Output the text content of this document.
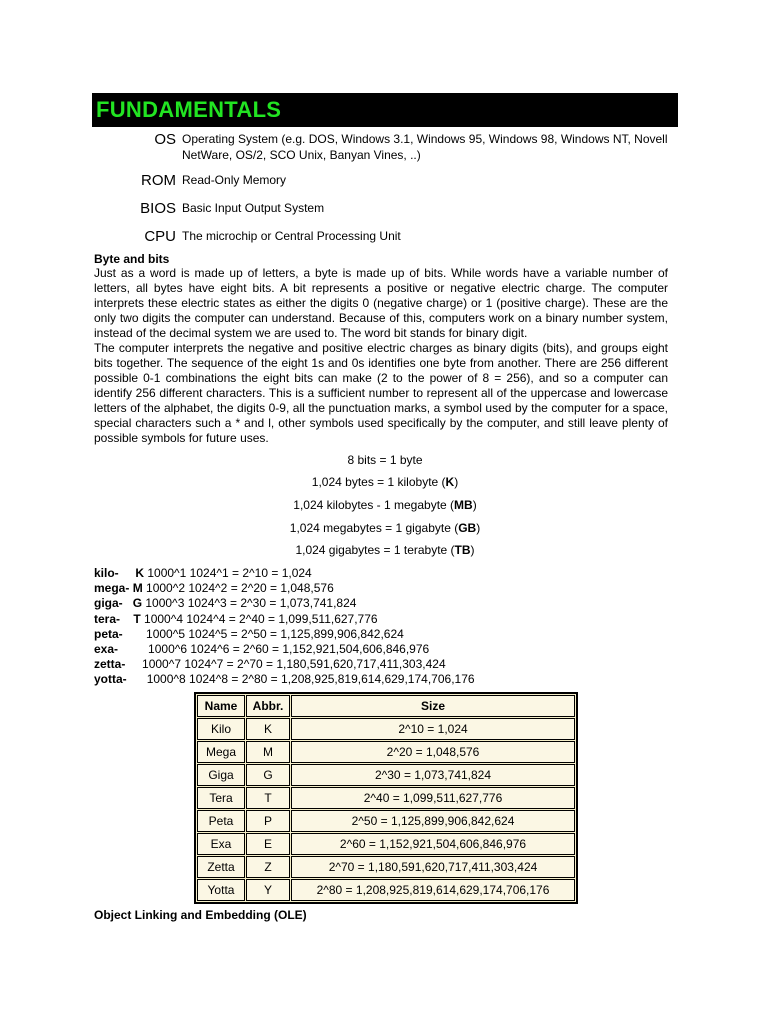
FUNDAMENTALS
OS Operating System (e.g. DOS, Windows 3.1, Windows 95, Windows 98, Windows NT, Novell NetWare, OS/2, SCO Unix, Banyan Vines, ..)
ROM Read-Only Memory
BIOS Basic Input Output System
CPU The microchip or Central Processing Unit
Byte and bits

Just as a word is made up of letters, a byte is made up of bits. While words have a variable number of letters, all bytes have eight bits. A bit represents a positive or negative electric charge. The computer interprets these electric states as either the digits 0 (negative charge) or 1 (positive charge). These are the only two digits the computer can understand. Because of this, computers work on a binary number system, instead of the decimal system we are used to. The word bit stands for binary digit.

The computer interprets the negative and positive electric charges as binary digits (bits), and groups eight bits together. The sequence of the eight 1s and 0s identifies one byte from another. There are 256 different possible 0-1 combinations the eight bits can make (2 to the power of 8 = 256), and so a computer can identify 256 different characters. This is a sufficient number to represent all of the uppercase and lowercase letters of the alphabet, the digits 0-9, all the punctuation marks, a symbol used by the computer for a space, special characters such a * and l, other symbols used specifically by the computer, and still leave plenty of possible symbols for future uses.

8 bits = 1 byte
1,024 bytes = 1 kilobyte (K)
1,024 kilobytes - 1 megabyte (MB)
1,024 megabytes = 1 gigabyte (GB)
1,024 gigabytes = 1 terabyte (TB)
kilo- K 1000^1 1024^1 = 2^10 = 1,024
mega- M 1000^2 1024^2 = 2^20 = 1,048,576
giga- G 1000^3 1024^3 = 2^30 = 1,073,741,824
tera- T 1000^4 1024^4 = 2^40 = 1,099,511,627,776
peta- 1000^5 1024^5 = 2^50 = 1,125,899,906,842,624
exa-	1000^6 1024^6 = 2^60 = 1,152,921,504,606,846,976
zetta- 1000^7 1024^7 = 2^70 = 1,180,591,620,717,411,303,424
yotta- 1000^8 1024^8 = 2^80 = 1,208,925,819,614,629,174,706,176
Name	Abbr.	Size
Kilo	K	2^10 = 1,024
Mega	M	2^20 = 1,048,576
Giga	G	2^30 = 1,073,741,824
Tera	T	2^40 = 1,099,511,627,776
Peta	P	2^50 = 1,125,899,906,842,624
Exa	E	2^60 = 1,152,921,504,606,846,976
Zetta	Z	2^70 = 1,180,591,620,717,411,303,424
Yotta	Y	2^80 = 1,208,925,819,614,629,174,706,176
Object Linking and Embedding (OLE)
